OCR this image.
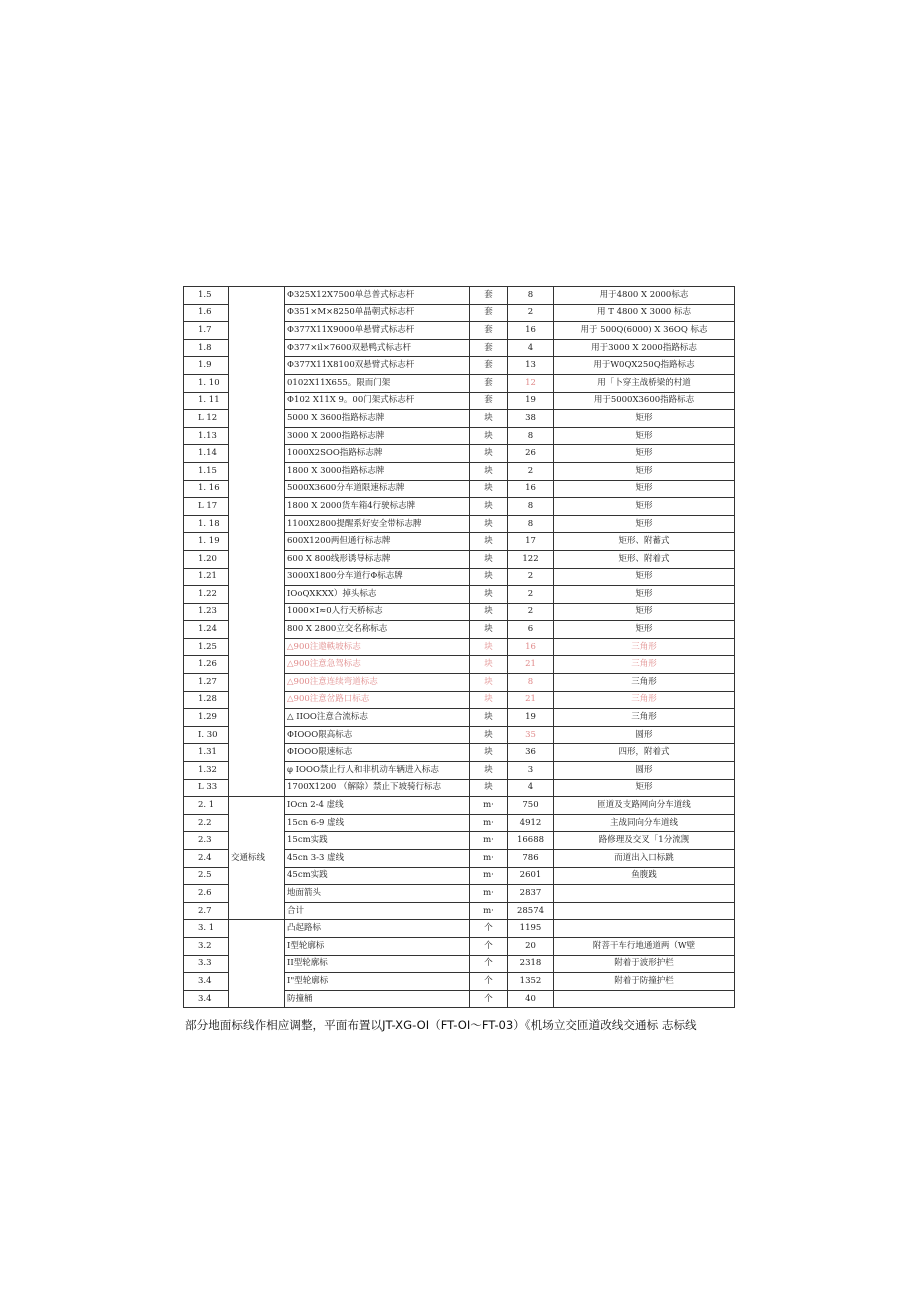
1.5		Φ325X12X7500单总普式标志杆	套	8	用于4800 X 2000标志
1.6		Φ351×M×8250单晶朝式标志杆	套	2	用 T 4800 X 3000 标志
1.7		Φ377X11X9000单悬臂式标志杆	套	16	用于 500Q(6000) X 36OQ 标志
1.8		Φ377×il×7600双悬鸭式标志杆	套	4	用于3000 X 2000指路标志
1.9		Φ377X11X8100双悬臂式标志杆	套	13	用于W0QX250Q指路标志
1. 10		0102X11X655。限而门架	套	12	用「卜穿主战桥梁的村道
1. 11		Φ102 X11X 9。00门架式标志杆	套	19	用于5000X3600指路标志
L 12		5000 X 3600指路标志牌	块	38	矩形
1.13		3000 X 2000指路标志牌	块	8	矩形
1.14		1000X2SOO指路标志牌	块	26	矩形
1.15		1800 X 3000指路标志牌	块	2	矩形
1. 16		5000X3600分车道限速标志牌	块	16	矩形
L 17		1800 X 2000货车箱4行驶标志牌	块	8	矩形
1. 18		1100X2800提醒系好安全带标志脾	块	8	矩形
1. 19		600X1200两但通行标志牌	块	17	矩形、附蓄式
1.20		600 X 800线形诱导标志牌	块	122	矩形、附着式
1.21		3000X1800分车道行Φ标志牌	块	2	矩形
1.22		IOoQXKXX）掉头标志	块	2	矩形
1.23		1000×I≈0人行天桥标志	块	2	矩形
1.24		800 X 2800立交名称标志	块	6	矩形
1.25		△900注遨軼坡标志	块	16	三角形
1.26		△900注意急驾标志	块	21	三角形
1.27		△900注意连续弯道标志	块	8	三角形
1.28		△900注意岔路口标志	块	21	三角形
1.29		△ IIOO注意合流标志	块	19	三角形
I. 30		ΦIOOO限高标志	块	35	圆形
1.31		ΦIOOO限速标志	块	36	四形，附着式
1.32		φ IOOO禁止行人和非机动车辆进入标志	块	3	圆形
L 33		1700X1200 （解除）禁止下坡骑行标志	块	4	矩形
2. 1	交通标线	IOcn 2-4 虚线	m·	750	匝道及支路网向分车道线
2.2		15cn 6-9 虚线	m·	4912	主战同向分车道线
2.3		15cm实践	m·	16688	路修理及交叉「1分流觊
2.4		45cn 3-3 虚线	m·	786	而道出入口标跳
2.5		45cm实践	m·	2601	鱼腹践
2.6		地面箭头	m·	2837	
2.7		合计	m·	28574	
3. 1		凸起路标	个	1195	
3.2		I型轮廓标	个	20	附菩干车行地通道两（W壁
3.3		II型轮廓标	个	2318	附着于波形护栏
3.4		I"型轮廓标	个	1352	附着于防撞护栏
3.4		防撞桶	个	40	
部分地面标线作相应调整，平面布置以JT-XG-OI（FT-OI～FT-03）《机场立交匝道改线交通标 志标线
